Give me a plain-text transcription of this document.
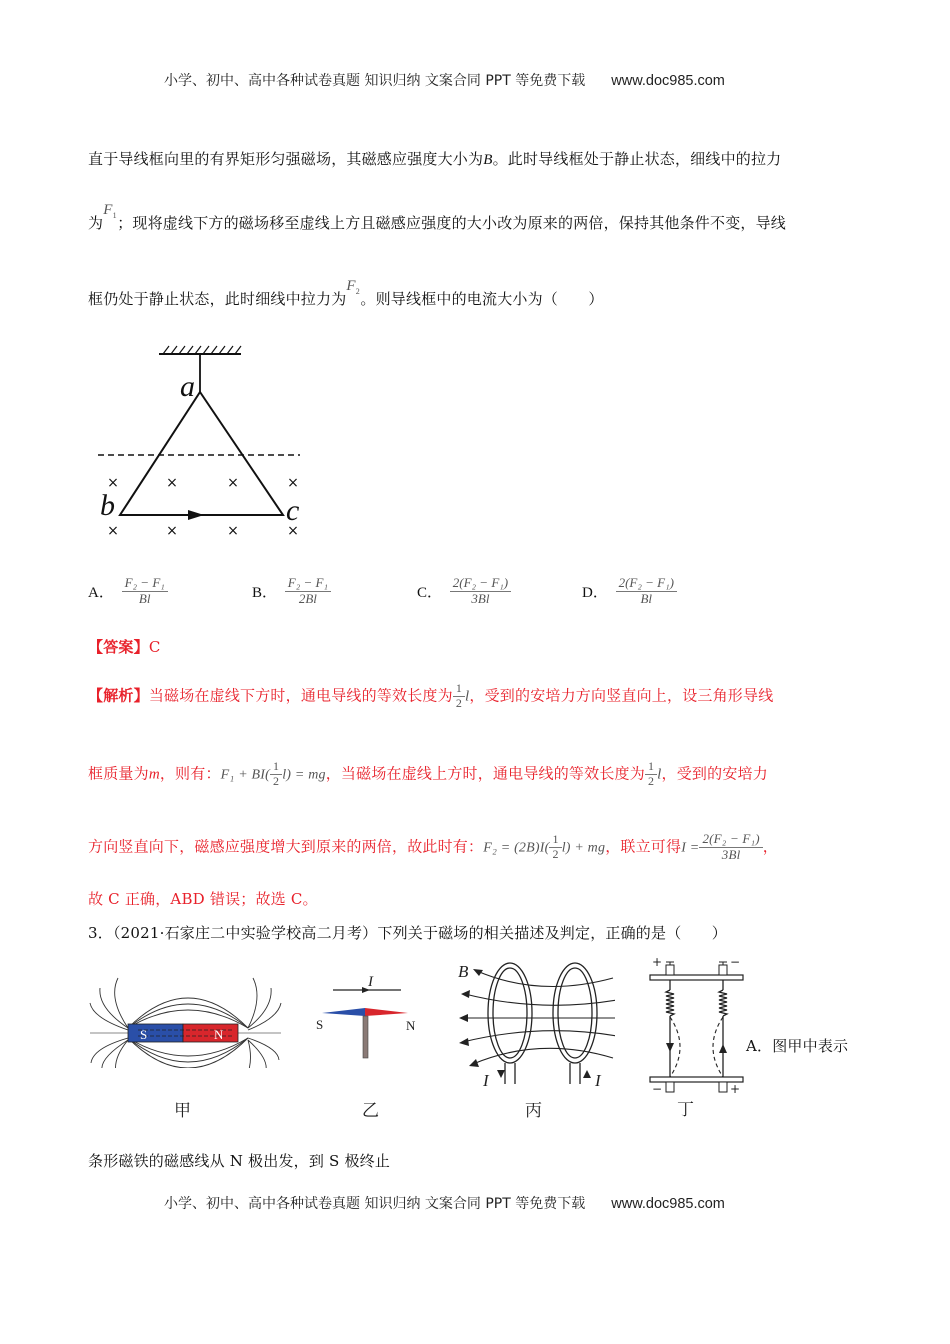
小学、初中、高中各种试卷真题 知识归纳 文案合同 PPT 等免费下载 www.doc985.com
直于导线框向里的有界矩形匀强磁场，其磁感应强度大小为B。此时导线框处于静止状态，细线中的拉力
为$F_1$；现将虚线下方的磁场移至虚线上方且磁感应强度的大小改为原来的两倍，保持其他条件不变，导线
框仍处于静止状态，此时细线中拉力为$F_2$。则导线框中的电流大小为（　　）
×	×	×	×
×	×	×	×
a
b	c
A． $\frac{\text{F₂ − F₁}}{Bl}$	B． $\frac{\text{F₂ − F₁}}{2Bl}$	C． $\frac{\text{2(F₂ − F₁)}}{3Bl}$	D． $\frac{\text{2(F₂ − F₁)}}{Bl}$
【答案】C
【解析】当磁场在虚线下方时，通电导线的等效长度为 $\frac{1}{2}$ l，受到的安培力方向竖直向上，设三角形导线
框质量为m，则有：$F_1 + BI( \frac{1}{2} l)$ = mg，当磁场在虚线上方时，通电导线的等效长度为 $\frac{1}{2}$ l，受到的安培力
方向竖直向下，磁感应强度增大到原来的两倍，故此时有：$F_2 = (2B)I( \frac{1}{2} l)$ + mg，联立可得$I = \frac{\text{2(F₂ − F₁)}}{3Bl}$ ，
故 C 正确，ABD 错误；故选 C。
3．（2021·石家庄二中实验学校高二月考）下列关于磁场的相关描述及判定，正确的是（　　）
S	N
甲
I
S	N
乙
B
I	I
丙
+	−
−	+
丁
A．图甲中表示
条形磁铁的磁感线从 N 极出发，到 S 极终止
小学、初中、高中各种试卷真题 知识归纳 文案合同 PPT 等免费下载 www.doc985.com
